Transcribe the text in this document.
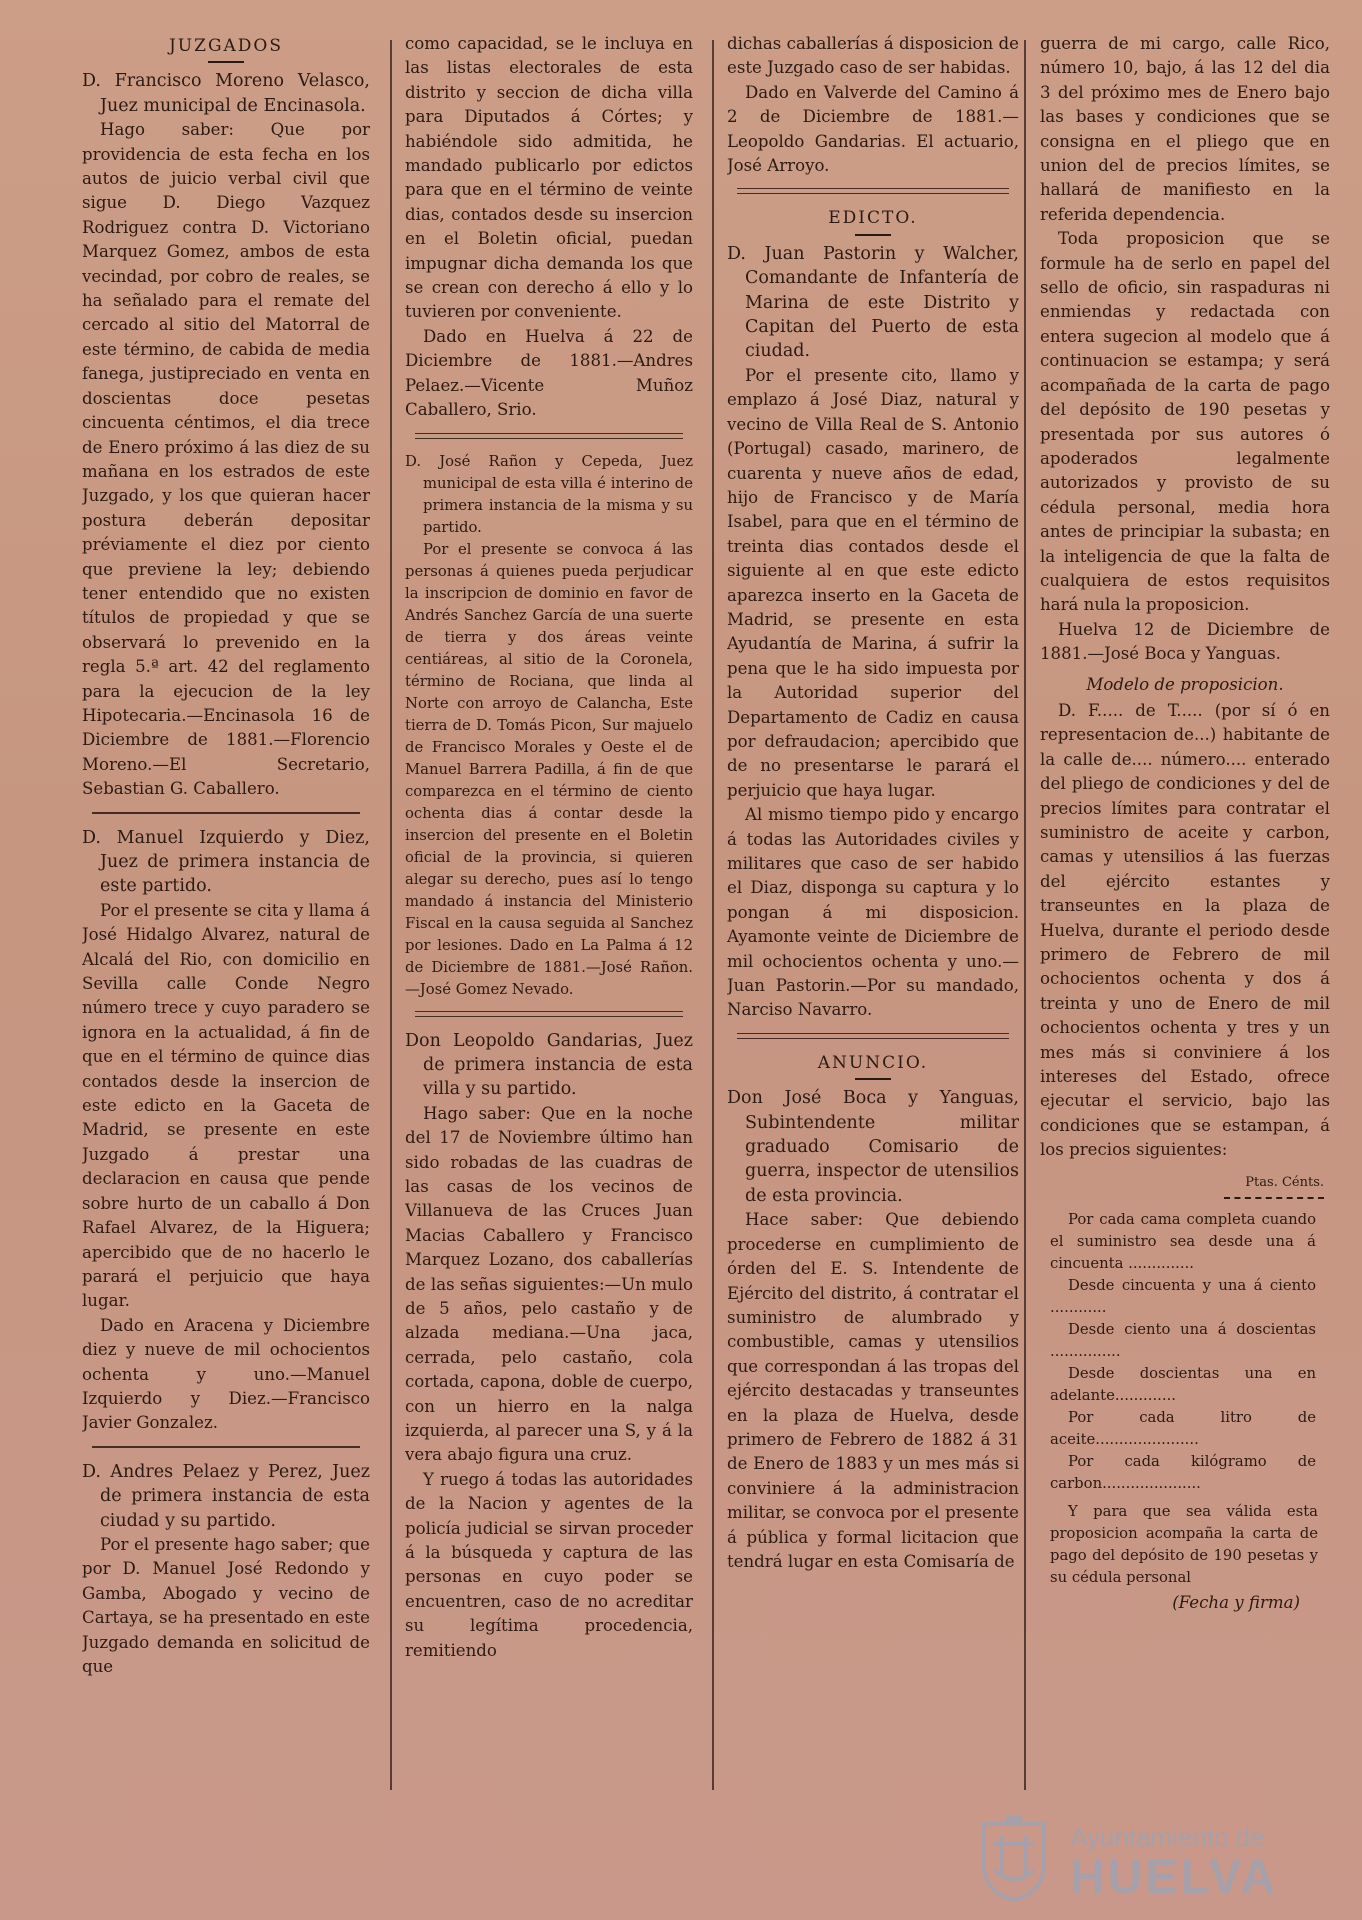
JUZGADOS

D. Francisco Moreno Velasco, Juez municipal de Encinasola.

Hago saber: Que por providencia de esta fecha en los autos de juicio verbal civil que sigue D. Diego Vazquez Rodriguez contra D. Victoriano Marquez Gomez, ambos de esta vecindad, por cobro de reales, se ha señalado para el remate del cercado al sitio del Matorral de este término, de cabida de media fanega, justipreciado en venta en doscientas doce pesetas cincuenta céntimos, el dia trece de Enero próximo á las diez de su mañana en los estrados de este Juzgado, y los que quieran hacer postura deberán depositar préviamente el diez por ciento que previene la ley; debiendo tener entendido que no existen títulos de propiedad y que se observará lo prevenido en la regla 5.ª art. 42 del reglamento para la ejecucion de la ley Hipotecaria.—Encinasola 16 de Diciembre de 1881.—Florencio Moreno.—El Secretario, Sebastian G. Caballero.

D. Manuel Izquierdo y Diez, Juez de primera instancia de este partido.

Por el presente se cita y llama á José Hidalgo Alvarez, natural de Alcalá del Rio, con domicilio en Sevilla calle Conde Negro número trece y cuyo paradero se ignora en la actualidad, á fin de que en el término de quince dias contados desde la insercion de este edicto en la Gaceta de Madrid, se presente en este Juzgado á prestar una declaracion en causa que pende sobre hurto de un caballo á Don Rafael Alvarez, de la Higuera; apercibido que de no hacerlo le parará el perjuicio que haya lugar.

Dado en Aracena y Diciembre diez y nueve de mil ochocientos ochenta y uno.—Manuel Izquierdo y Diez.—Francisco Javier Gonzalez.

D. Andres Pelaez y Perez, Juez de primera instancia de esta ciudad y su partido.

Por el presente hago saber; que por D. Manuel José Redondo y Gamba, Abogado y vecino de Cartaya, se ha presentado en este Juzgado demanda en solicitud de que

como capacidad, se le incluya en las listas electorales de esta distrito y seccion de dicha villa para Diputados á Córtes; y habiéndole sido admitida, he mandado publicarlo por edictos para que en el término de veinte dias, contados desde su insercion en el Boletin oficial, puedan impugnar dicha demanda los que se crean con derecho á ello y lo tuvieren por conveniente.

Dado en Huelva á 22 de Diciembre de 1881.—Andres Pelaez.—Vicente Muñoz Caballero, Srio.

D. José Rañon y Cepeda, Juez municipal de esta villa é interino de primera instancia de la misma y su partido.

Por el presente se convoca á las personas á quienes pueda perjudicar la inscripcion de dominio en favor de Andrés Sanchez García de una suerte de tierra y dos áreas veinte centiáreas, al sitio de la Coronela, término de Rociana, que linda al Norte con arroyo de Calancha, Este tierra de D. Tomás Picon, Sur majuelo de Francisco Morales y Oeste el de Manuel Barrera Padilla, á fin de que comparezca en el término de ciento ochenta dias á contar desde la insercion del presente en el Boletin oficial de la provincia, si quieren alegar su derecho, pues así lo tengo mandado á instancia del Ministerio Fiscal en la causa seguida al Sanchez por lesiones. Dado en La Palma á 12 de Diciembre de 1881.—José Rañon.—José Gomez Nevado.

Don Leopoldo Gandarias, Juez de primera instancia de esta villa y su partido.

Hago saber: Que en la noche del 17 de Noviembre último han sido robadas de las cuadras de las casas de los vecinos de Villanueva de las Cruces Juan Macias Caballero y Francisco Marquez Lozano, dos caballerías de las señas siguientes:—Un mulo de 5 años, pelo castaño y de alzada mediana.—Una jaca, cerrada, pelo castaño, cola cortada, capona, doble de cuerpo, con un hierro en la nalga izquierda, al parecer una S, y á la vera abajo figura una cruz.

Y ruego á todas las autoridades de la Nacion y agentes de la policía judicial se sirvan proceder á la búsqueda y captura de las personas en cuyo poder se encuentren, caso de no acreditar su legítima procedencia, remitiendo

dichas caballerías á disposicion de este Juzgado caso de ser habidas.

Dado en Valverde del Camino á 2 de Diciembre de 1881.—Leopoldo Gandarias. El actuario, José Arroyo.

EDICTO.

D. Juan Pastorin y Walcher, Comandante de Infantería de Marina de este Distrito y Capitan del Puerto de esta ciudad.

Por el presente cito, llamo y emplazo á José Diaz, natural y vecino de Villa Real de S. Antonio (Portugal) casado, marinero, de cuarenta y nueve años de edad, hijo de Francisco y de María Isabel, para que en el término de treinta dias contados desde el siguiente al en que este edicto aparezca inserto en la Gaceta de Madrid, se presente en esta Ayudantía de Marina, á sufrir la pena que le ha sido impuesta por la Autoridad superior del Departamento de Cadiz en causa por defraudacion; apercibido que de no presentarse le parará el perjuicio que haya lugar.

Al mismo tiempo pido y encargo á todas las Autoridades civiles y militares que caso de ser habido el Diaz, disponga su captura y lo pongan á mi disposicion. Ayamonte veinte de Diciembre de mil ochocientos ochenta y uno.—Juan Pastorin.—Por su mandado, Narciso Navarro.

ANUNCIO.

Don José Boca y Yanguas, Subintendente militar graduado Comisario de guerra, inspector de utensilios de esta provincia.

Hace saber: Que debiendo procederse en cumplimiento de órden del E. S. Intendente de Ejército del distrito, á contratar el suministro de alumbrado y combustible, camas y utensilios que correspondan á las tropas del ejército destacadas y transeuntes en la plaza de Huelva, desde primero de Febrero de 1882 á 31 de Enero de 1883 y un mes más si conviniere á la administracion militar, se convoca por el presente á pública y formal licitacion que tendrá lugar en esta Comisaría de

guerra de mi cargo, calle Rico, número 10, bajo, á las 12 del dia 3 del próximo mes de Enero bajo las bases y condiciones que se consigna en el pliego que en union del de precios límites, se hallará de manifiesto en la referida dependencia.

Toda proposicion que se formule ha de serlo en papel del sello de oficio, sin raspaduras ni enmiendas y redactada con entera sugecion al modelo que á continuacion se estampa; y será acompañada de la carta de pago del depósito de 190 pesetas y presentada por sus autores ó apoderados legalmente autorizados y provisto de su cédula personal, media hora antes de principiar la subasta; en la inteligencia de que la falta de cualquiera de estos requisitos hará nula la proposicion.

Huelva 12 de Diciembre de 1881.—José Boca y Yanguas.

Modelo de proposicion.

D. F..... de T..... (por sí ó en representacion de...) habitante de la calle de.... número.... enterado del pliego de condiciones y del de precios límites para contratar el suministro de aceite y carbon, camas y utensilios á las fuerzas del ejército estantes y transeuntes en la plaza de Huelva, durante el periodo desde primero de Febrero de mil ochocientos ochenta y dos á treinta y uno de Enero de mil ochocientos ochenta y tres y un mes más si conviniere á los intereses del Estado, ofrece ejecutar el servicio, bajo las condiciones que se estampan, á los precios siguientes:

Ptas. Cénts.

Por cada cama completa cuando el suministro sea desde una á cincuenta ..............

Desde cincuenta y una á ciento ............

Desde ciento una á doscientas ...............

Desde doscientas una en adelante.............

Por cada litro de aceite......................

Por cada kilógramo de carbon.....................

Y para que sea válida esta proposicion acompaña la carta de pago del depósito de 190 pesetas y su cédula personal

(Fecha y firma)
Ayuntamiento de
HUELVA
